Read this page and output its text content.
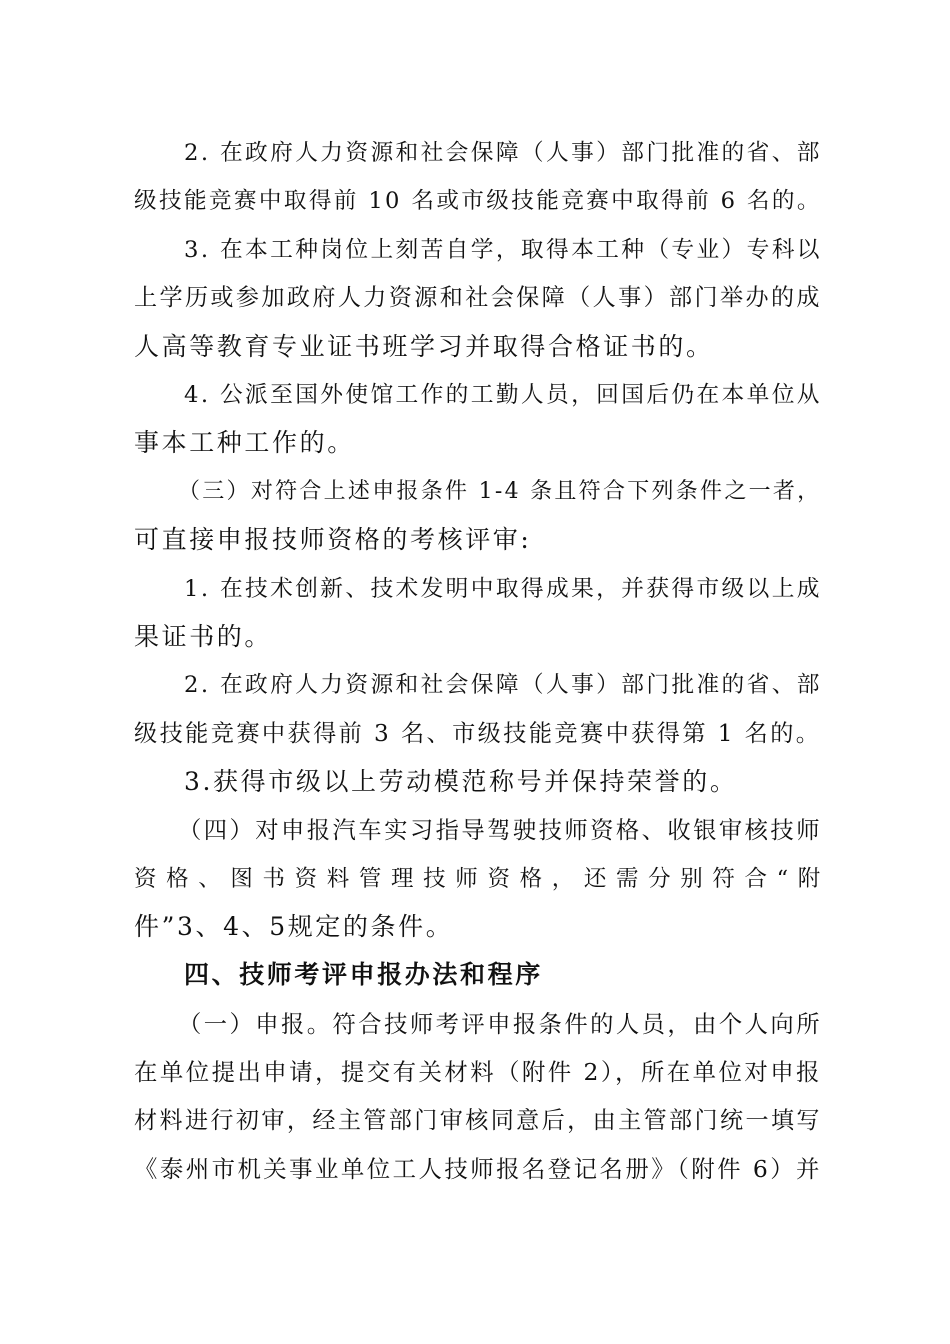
2. 在政府人力资源和社会保障（人事）部门批准的省、部
级技能竞赛中取得前 10 名或市级技能竞赛中取得前 6 名的。
3. 在本工种岗位上刻苦自学，取得本工种（专业）专科以
上学历或参加政府人力资源和社会保障（人事）部门举办的成
人高等教育专业证书班学习并取得合格证书的。
4. 公派至国外使馆工作的工勤人员，回国后仍在本单位从
事本工种工作的。
（三）对符合上述申报条件 1-4 条且符合下列条件之一者，
可直接申报技师资格的考核评审:
1. 在技术创新、技术发明中取得成果，并获得市级以上成
果证书的。
2. 在政府人力资源和社会保障（人事）部门批准的省、部
级技能竞赛中获得前 3 名、市级技能竞赛中获得第 1 名的。
3.获得市级以上劳动模范称号并保持荣誉的。
（四）对申报汽车实习指导驾驶技师资格、收银审核技师
资 格 、 图 书 资 料 管 理 技 师 资 格 ， 还 需 分 别 符 合 “ 附
件”3、4、5规定的条件。
四、技师考评申报办法和程序
（一）申报。符合技师考评申报条件的人员，由个人向所
在单位提出申请，提交有关材料（附件 2），所在单位对申报
材料进行初审，经主管部门审核同意后，由主管部门统一填写
《泰州市机关事业单位工人技师报名登记名册》（附件 6）并
